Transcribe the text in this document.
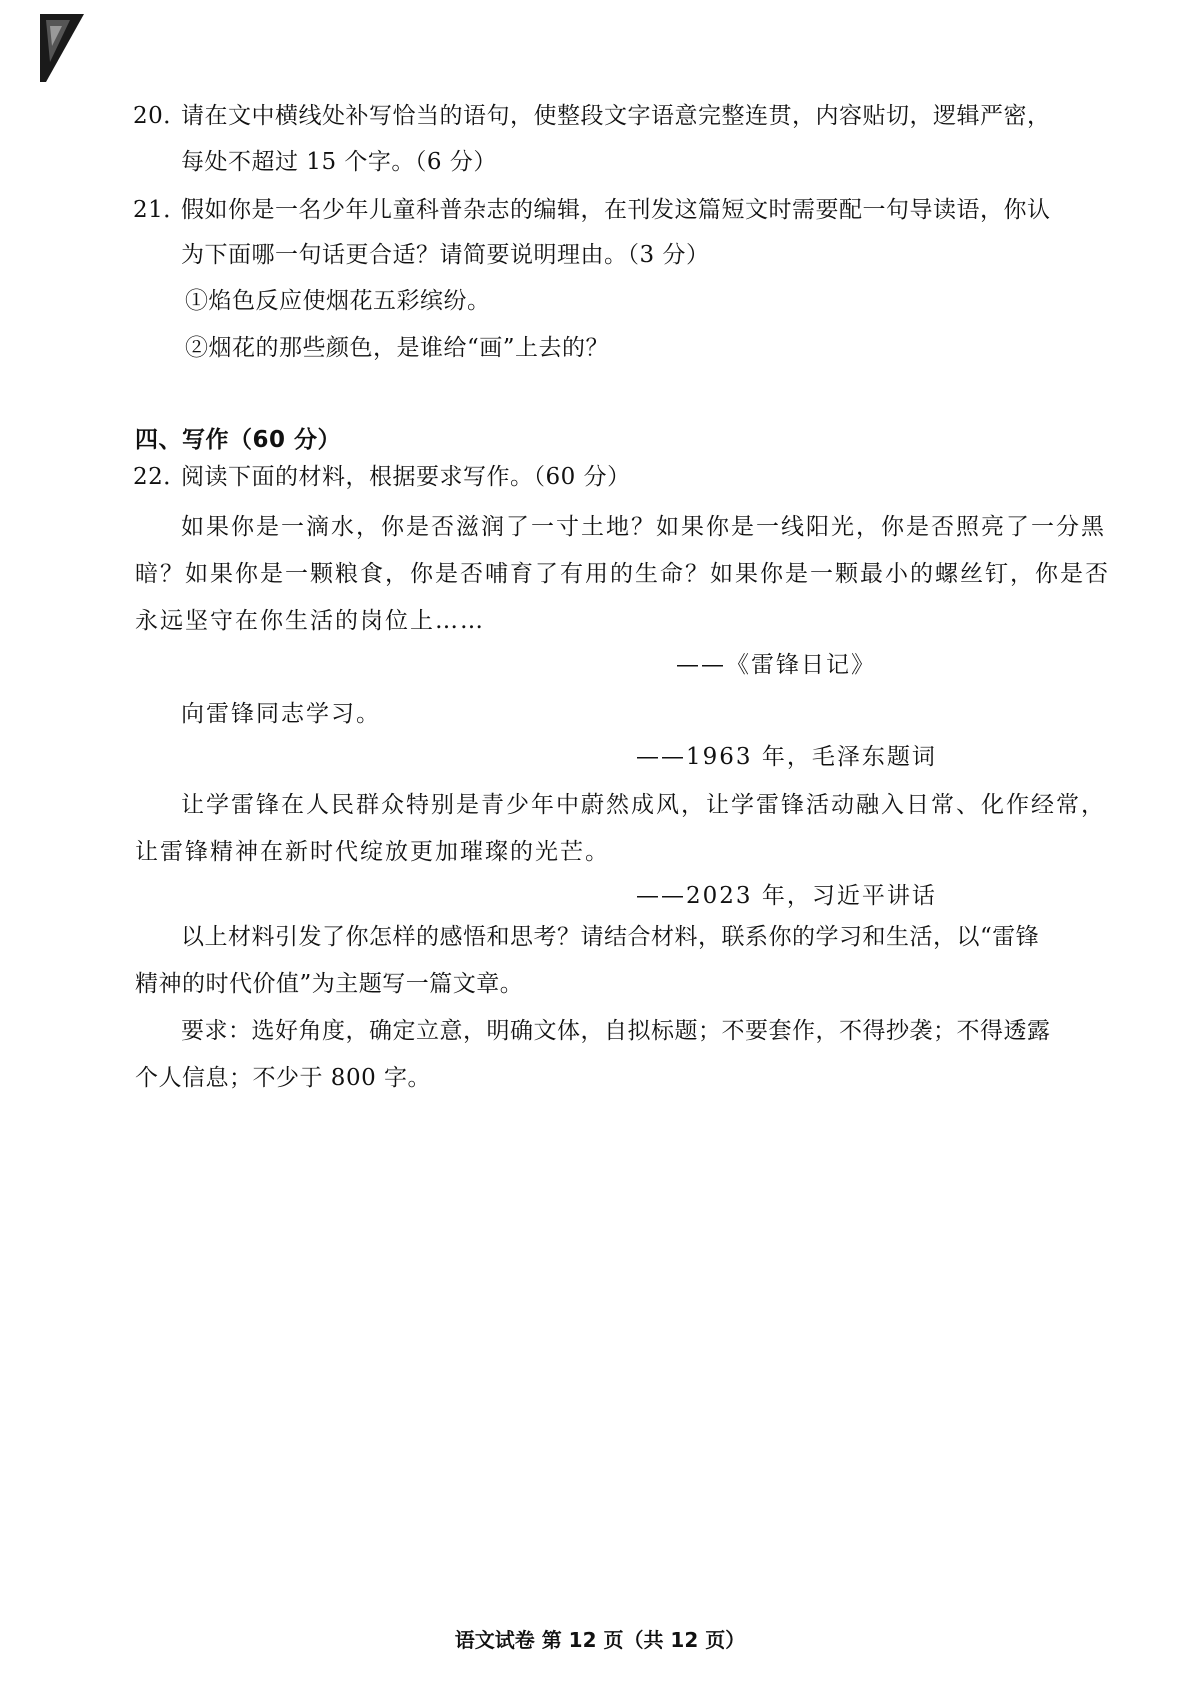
20．请在文中横线处补写恰当的语句，使整段文字语意完整连贯，内容贴切，逻辑严密，
每处不超过 15 个字。（6 分）
21．假如你是一名少年儿童科普杂志的编辑，在刊发这篇短文时需要配一句导读语，你认
为下面哪一句话更合适？请简要说明理由。（3 分）
①焰色反应使烟花五彩缤纷。
②烟花的那些颜色，是谁给“画”上去的？
四、写作（60 分）
22．阅读下面的材料，根据要求写作。（60 分）
如果你是一滴水，你是否滋润了一寸土地？如果你是一线阳光，你是否照亮了一分黑
暗？如果你是一颗粮食，你是否哺育了有用的生命？如果你是一颗最小的螺丝钉，你是否
永远坚守在你生活的岗位上……
——《雷锋日记》
向雷锋同志学习。
——1963 年，毛泽东题词
让学雷锋在人民群众特别是青少年中蔚然成风，让学雷锋活动融入日常、化作经常，
让雷锋精神在新时代绽放更加璀璨的光芒。
——2023 年，习近平讲话
以上材料引发了你怎样的感悟和思考？请结合材料，联系你的学习和生活，以“雷锋
精神的时代价值”为主题写一篇文章。
要求：选好角度，确定立意，明确文体，自拟标题；不要套作，不得抄袭；不得透露
个人信息；不少于 800 字。
语文试卷 第 12 页（共 12 页）
